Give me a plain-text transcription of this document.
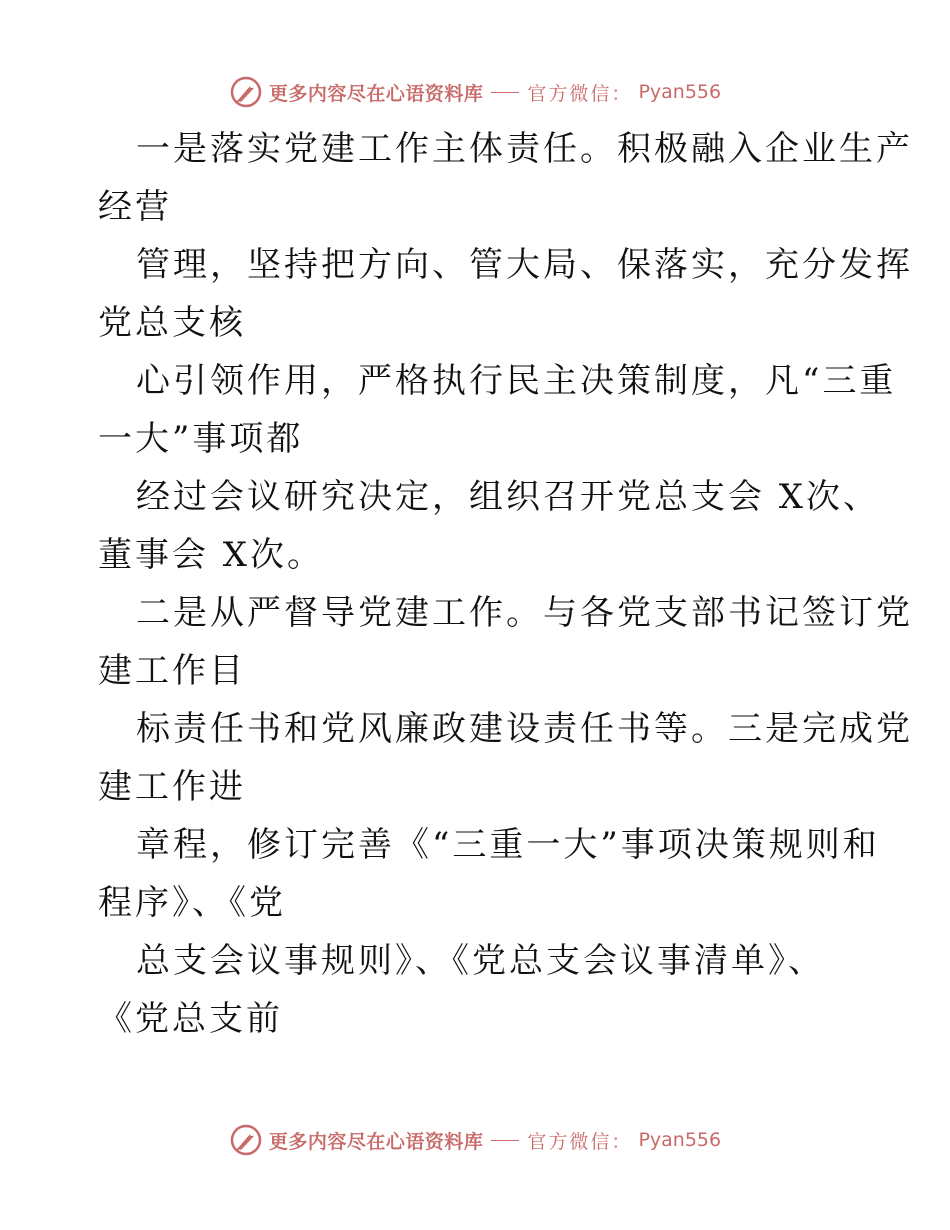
更多内容尽在心语资料库 官方微信： Pyan556
一是落实党建工作主体责任。积极融入企业生产
经营
管理，坚持把方向、管大局、保落实，充分发挥
党总支核
心引领作用，严格执行民主决策制度，凡“三重
一大”事项都
经过会议研究决定，组织召开党总支会 X次、
董事会 X次。
二是从严督导党建工作。与各党支部书记签订党
建工作目
标责任书和党风廉政建设责任书等。三是完成党
建工作进
章程，修订完善《“三重一大”事项决策规则和
程序》、《党
总支会议事规则》、《党总支会议事清单》、
《党总支前
更多内容尽在心语资料库 官方微信： Pyan556
